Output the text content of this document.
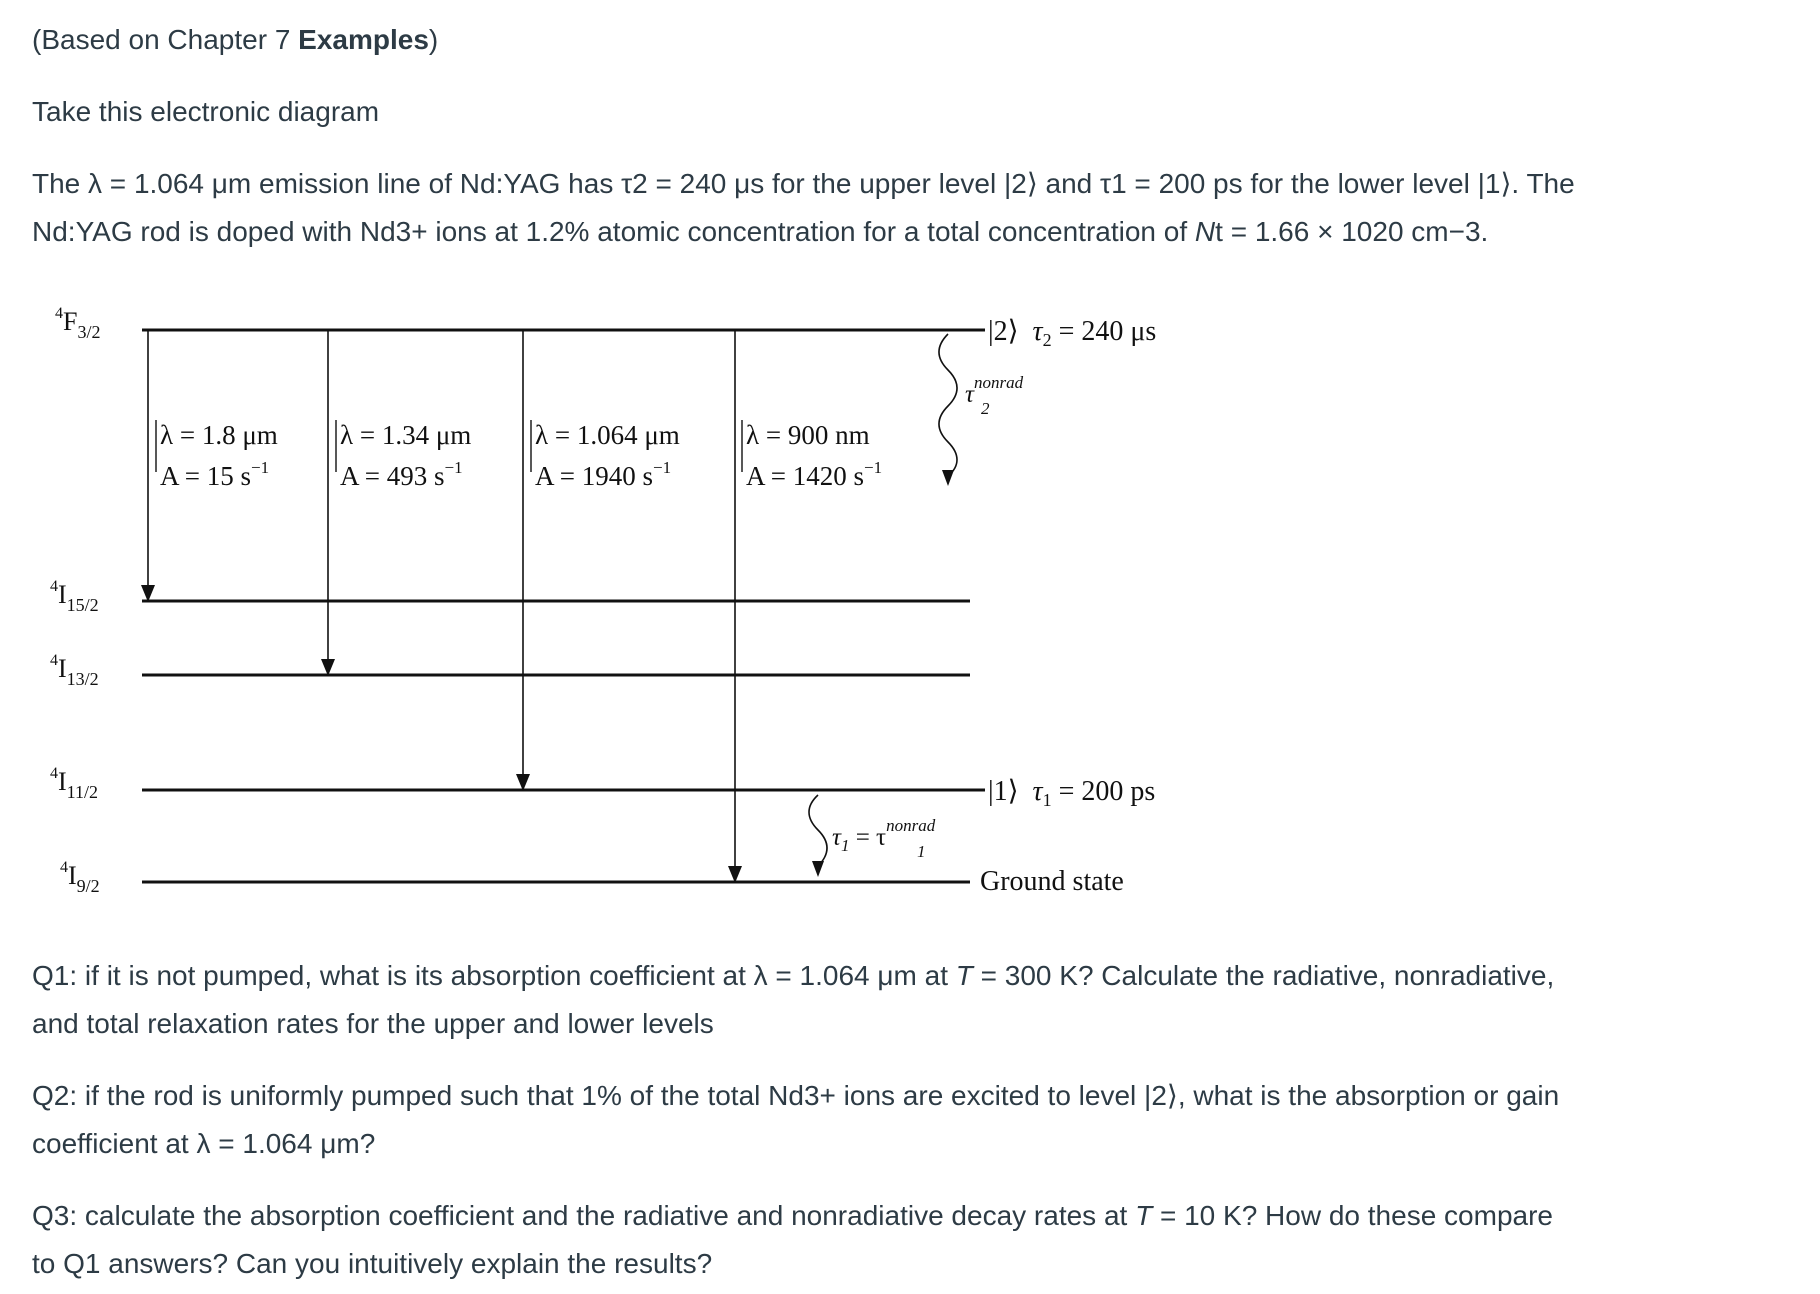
(Based on Chapter 7 Examples)

Take this electronic diagram

The λ = 1.064 μm emission line of Nd:YAG has τ2 = 240 μs for the upper level |2⟩ and τ1 = 200 ps for the lower level |1⟩. The

Nd:YAG rod is doped with Nd3+ ions at 1.2% atomic concentration for a total concentration of Nt = 1.66 × 1020 cm−3.

$^4F_{3/2}$
$^4I_{15/2}$
$^4I_{13/2}$
$^4I_{11/2}$
$^4I_{9/2}$
λ = 1.8 μm
A = 15 $s^{-1}$
λ = 1.34 μm
A = 493 $s^{-1}$
λ = 1.064 μm
A = 1940 $s^{-1}$
λ = 900 nm
A = 1420 $s^{-1}$
$\tau^{nonrad}$ 2
|2⟩ $\tau_2 = 240$ μs
$\tau_1 = \tau^{nonrad}$ 1
|1⟩ $\tau_1 = 200$ ps
Ground state

Q1: if it is not pumped, what is its absorption coefficient at λ = 1.064 μm at T = 300 K? Calculate the radiative, nonradiative,

and total relaxation rates for the upper and lower levels

Q2: if the rod is uniformly pumped such that 1% of the total Nd3+ ions are excited to level |2⟩, what is the absorption or gain

coefficient at λ = 1.064 μm?

Q3: calculate the absorption coefficient and the radiative and nonradiative decay rates at T = 10 K? How do these compare

to Q1 answers? Can you intuitively explain the results?
